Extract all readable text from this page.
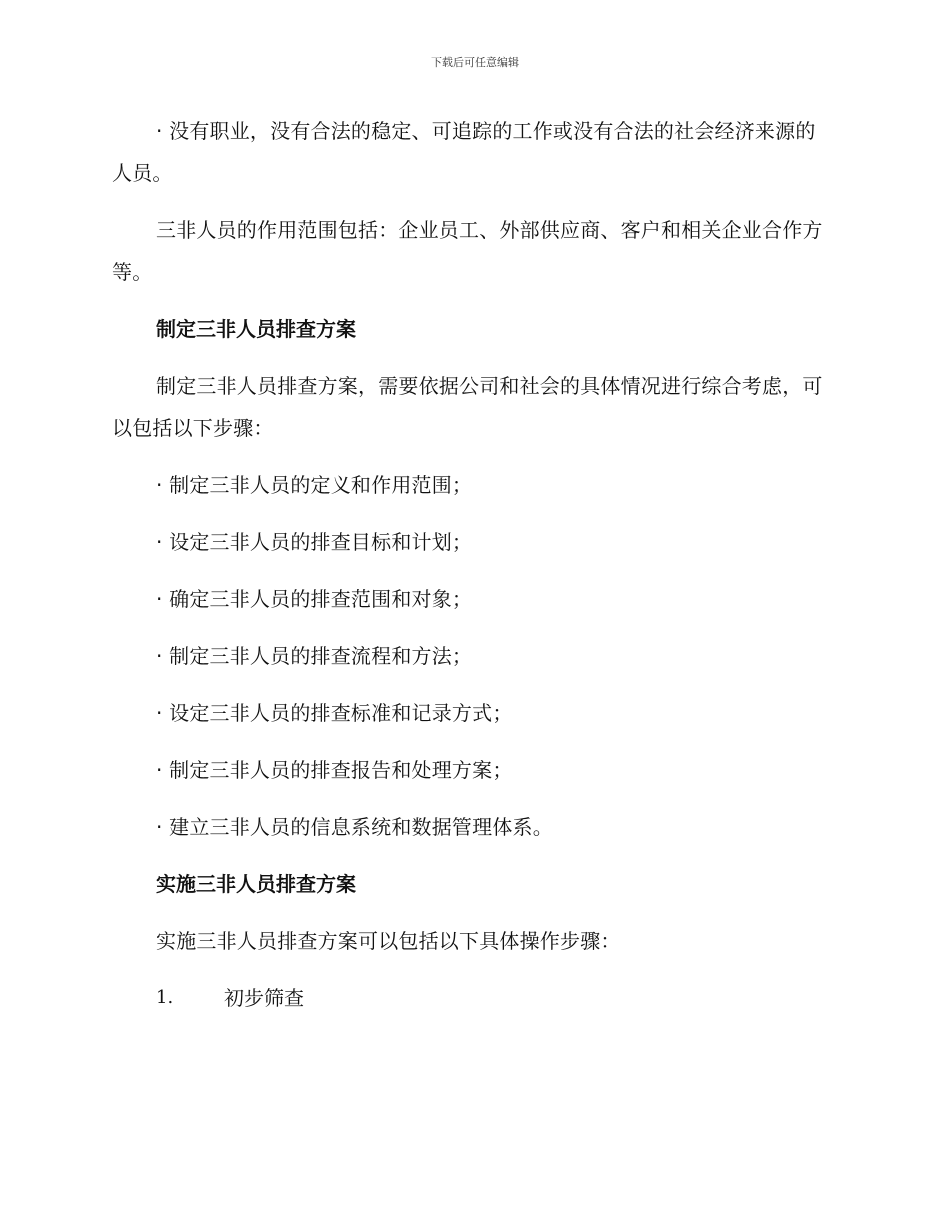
下载后可任意编辑

· 没有职业，没有合法的稳定、可追踪的工作或没有合法的社会经济来源的人员。

三非人员的作用范围包括：企业员工、外部供应商、客户和相关企业合作方等。

制定三非人员排查方案

制定三非人员排查方案，需要依据公司和社会的具体情况进行综合考虑，可以包括以下步骤：

· 制定三非人员的定义和作用范围；
· 设定三非人员的排查目标和计划；
· 确定三非人员的排查范围和对象；
· 制定三非人员的排查流程和方法；
· 设定三非人员的排查标准和记录方式；
· 制定三非人员的排查报告和处理方案；
· 建立三非人员的信息系统和数据管理体系。
实施三非人员排查方案

实施三非人员排查方案可以包括以下具体操作步骤：

1.	初步筛查
